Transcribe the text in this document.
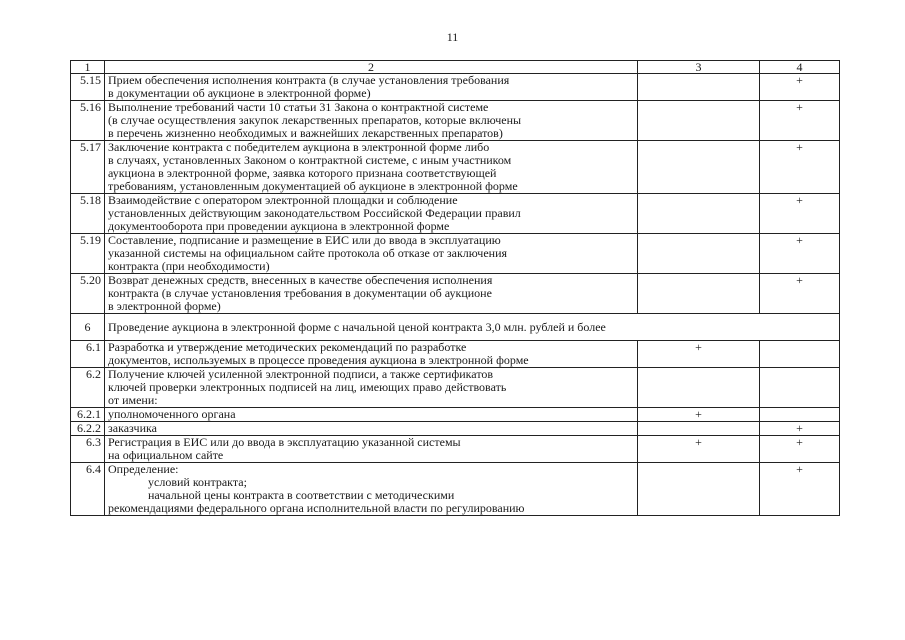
11
1	2	3	4
5.15	Прием обеспечения исполнения контракта (в случае установления требования
в документации об аукционе в электронной форме)		+
5.16	Выполнение требований части 10 статьи 31 Закона о контрактной системе
(в случае осуществления закупок лекарственных препаратов, которые включены
в перечень жизненно необходимых и важнейших лекарственных препаратов)		+
5.17	Заключение контракта с победителем аукциона в электронной форме либо
в случаях, установленных Законом о контрактной системе, с иным участником
аукциона в электронной форме, заявка которого признана соответствующей
требованиям, установленным документацией об аукционе в электронной форме		+
5.18	Взаимодействие с оператором электронной площадки и соблюдение
установленных действующим законодательством Российской Федерации правил
документооборота при проведении аукциона в электронной форме		+
5.19	Составление, подписание и размещение в ЕИС или до ввода в эксплуатацию
указанной системы на официальном сайте протокола об отказе от заключения
контракта (при необходимости)		+
5.20	Возврат денежных средств, внесенных в качестве обеспечения исполнения
контракта (в случае установления требования в документации об аукционе
в электронной форме)		+
6	Проведение аукциона в электронной форме с начальной ценой контракта 3,0 млн. рублей и более		

6.1	Разработка и утверждение методических рекомендаций по разработке
документов, используемых в процессе проведения аукциона в электронной форме	+	
6.2	Получение ключей усиленной электронной подписи, а также сертификатов
ключей проверки электронных подписей на лиц, имеющих право действовать
от имени:		

6.2.1	уполномоченного органа	+	
6.2.2	заказчика		+
6.3	Регистрация в ЕИС или до ввода в эксплуатацию указанной системы
на официальном сайте	+	+
6.4	Определение:
условий контракта;
начальной цены контракта в соответствии с методическими
рекомендациями федерального органа исполнительной власти по регулированию		+
